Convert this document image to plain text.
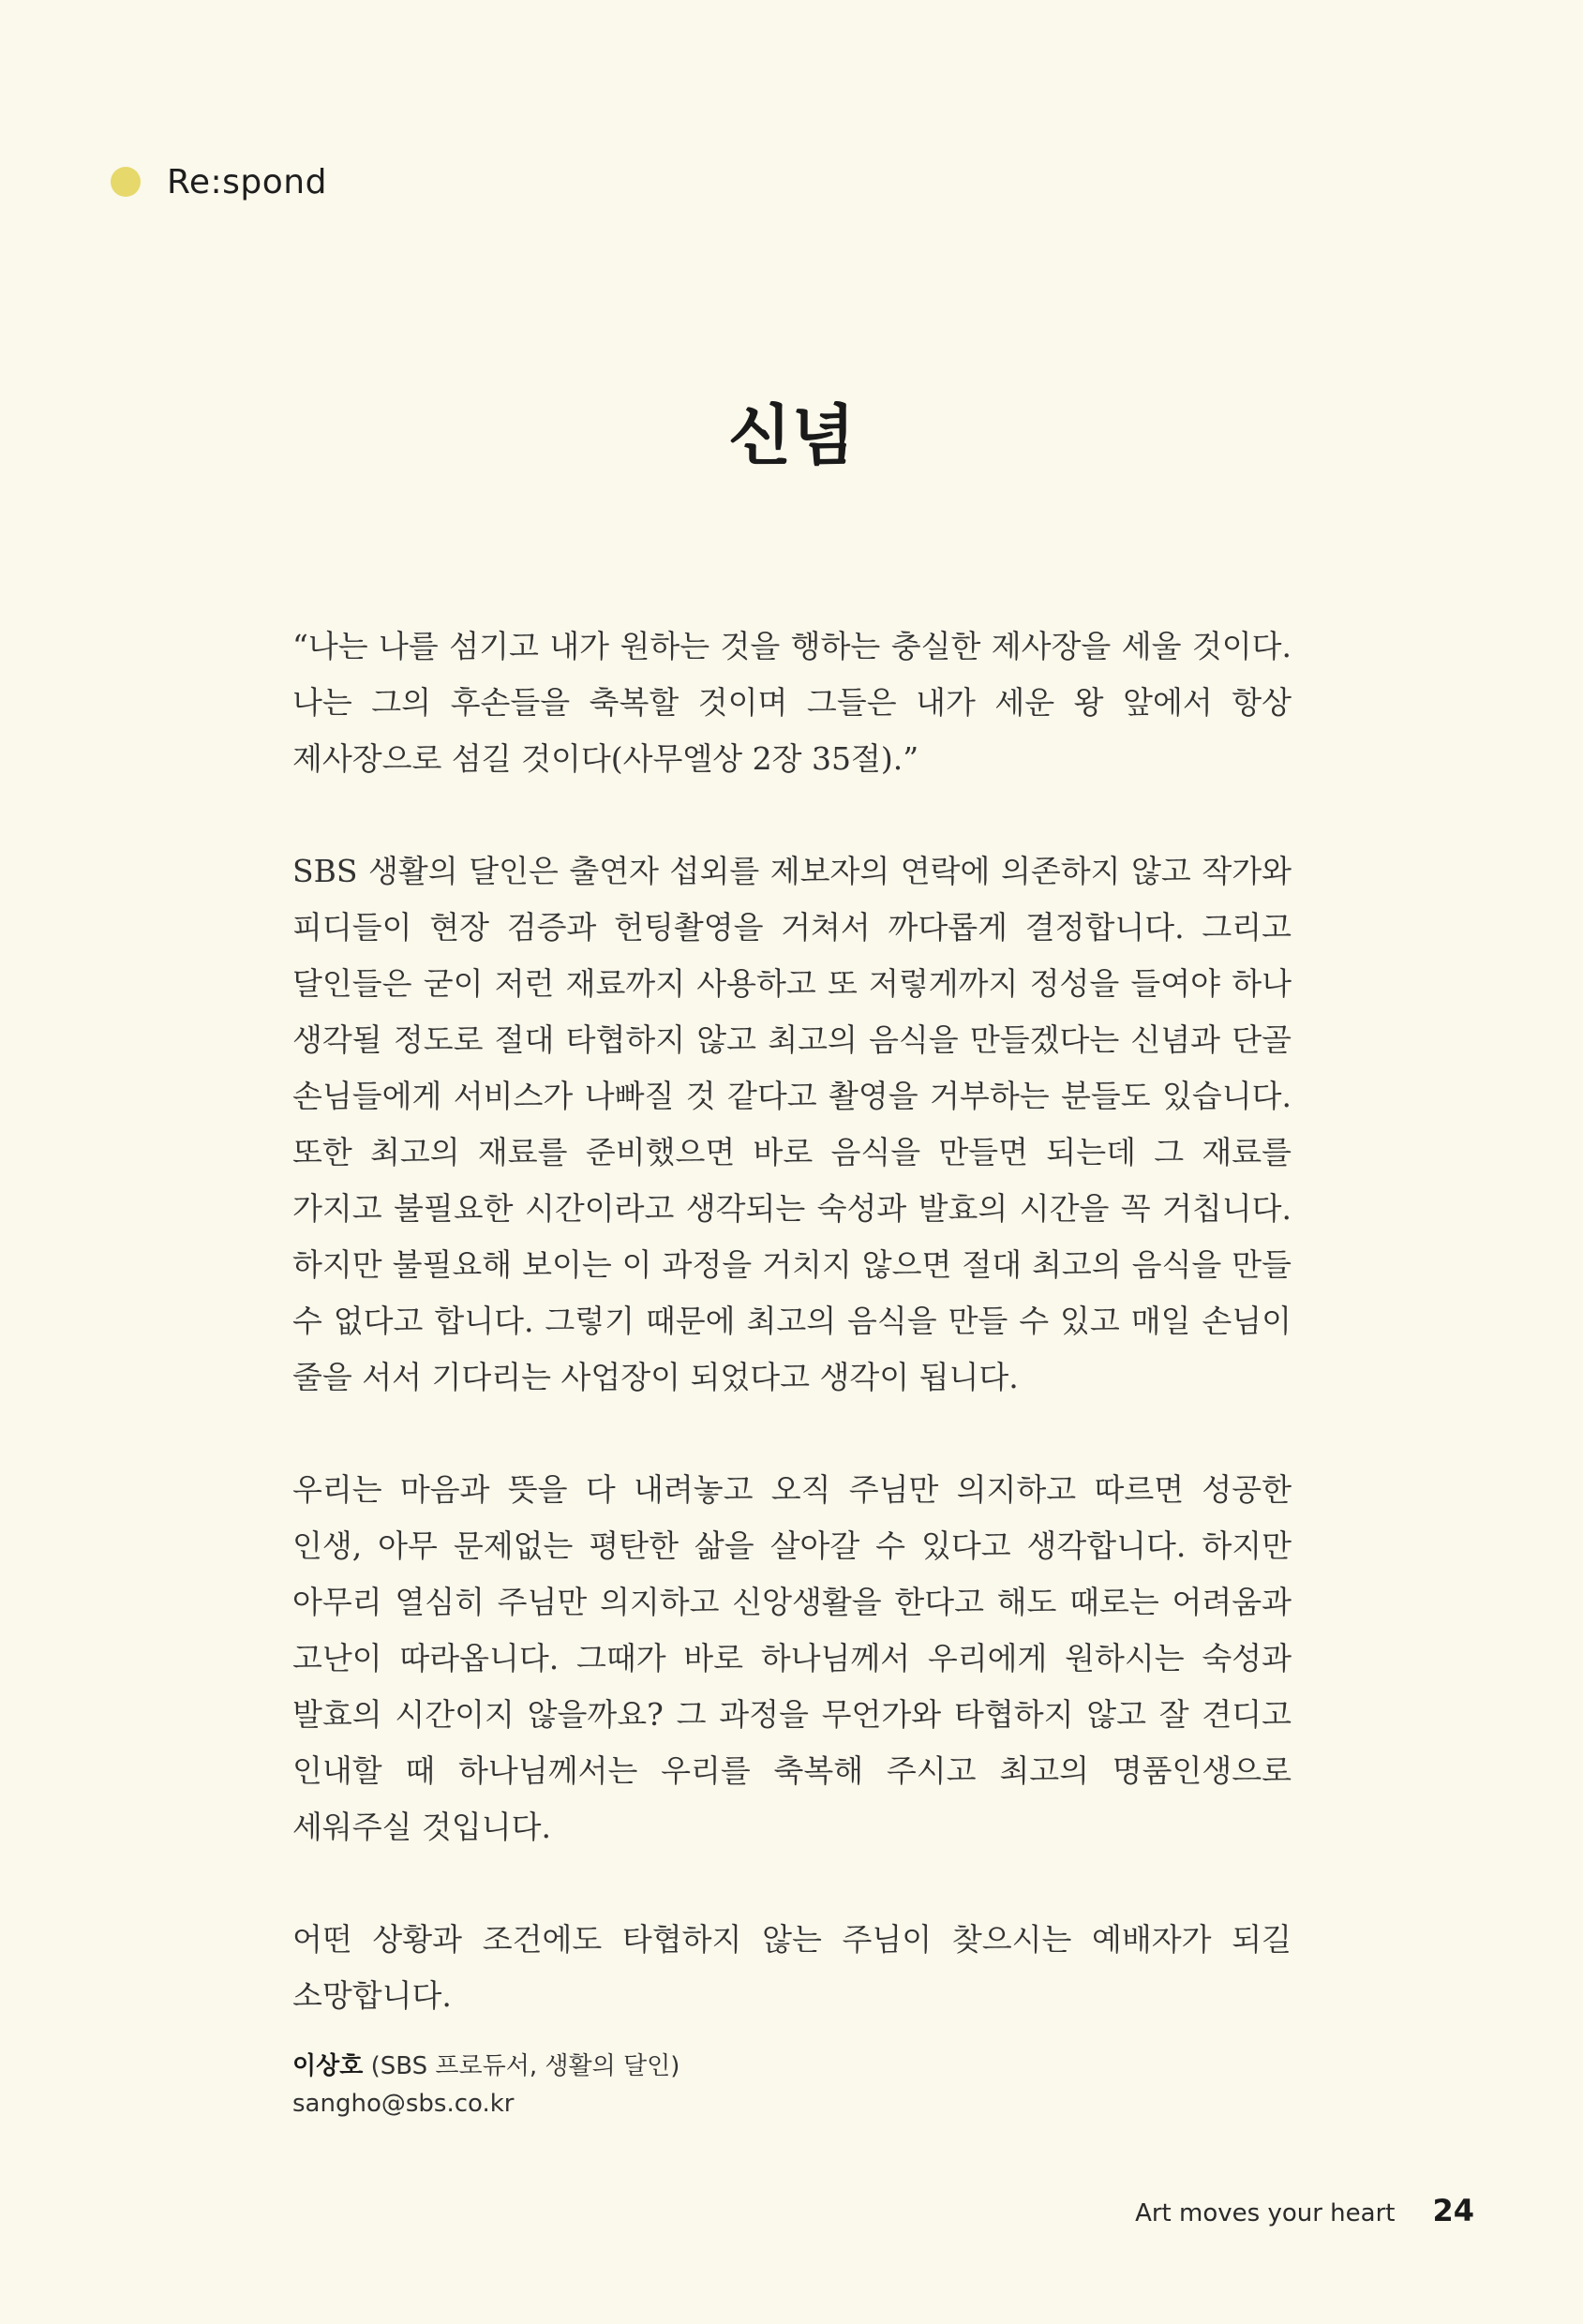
Re:spond
신념

“나는 나를 섬기고 내가 원하는 것을 행하는 충실한 제사장을 세울 것이다. 나는 그의 후손들을 축복할 것이며 그들은 내가 세운 왕 앞에서 항상 제사장으로 섬길 것이다(사무엘상 2장 35절).”

SBS 생활의 달인은 출연자 섭외를 제보자의 연락에 의존하지 않고 작가와 피디들이 현장 검증과 헌팅촬영을 거쳐서 까다롭게 결정합니다. 그리고 달인들은 굳이 저런 재료까지 사용하고 또 저렇게까지 정성을 들여야 하나 생각될 정도로 절대 타협하지 않고 최고의 음식을 만들겠다는 신념과 단골 손님들에게 서비스가 나빠질 것 같다고 촬영을 거부하는 분들도 있습니다. 또한 최고의 재료를 준비했으면 바로 음식을 만들면 되는데 그 재료를 가지고 불필요한 시간이라고 생각되는 숙성과 발효의 시간을 꼭 거칩니다. 하지만 불필요해 보이는 이 과정을 거치지 않으면 절대 최고의 음식을 만들 수 없다고 합니다. 그렇기 때문에 최고의 음식을 만들 수 있고 매일 손님이 줄을 서서 기다리는 사업장이 되었다고 생각이 됩니다.

우리는 마음과 뜻을 다 내려놓고 오직 주님만 의지하고 따르면 성공한 인생, 아무 문제없는 평탄한 삶을 살아갈 수 있다고 생각합니다. 하지만 아무리 열심히 주님만 의지하고 신앙생활을 한다고 해도 때로는 어려움과 고난이 따라옵니다. 그때가 바로 하나님께서 우리에게 원하시는 숙성과 발효의 시간이지 않을까요? 그 과정을 무언가와 타협하지 않고 잘 견디고 인내할 때 하나님께서는 우리를 축복해 주시고 최고의 명품인생으로 세워주실 것입니다.

어떤 상황과 조건에도 타협하지 않는 주님이 찾으시는 예배자가 되길 소망합니다.

이상호 (SBS 프로듀서, 생활의 달인)
sangho@sbs.co.kr
Art moves your heart 24
